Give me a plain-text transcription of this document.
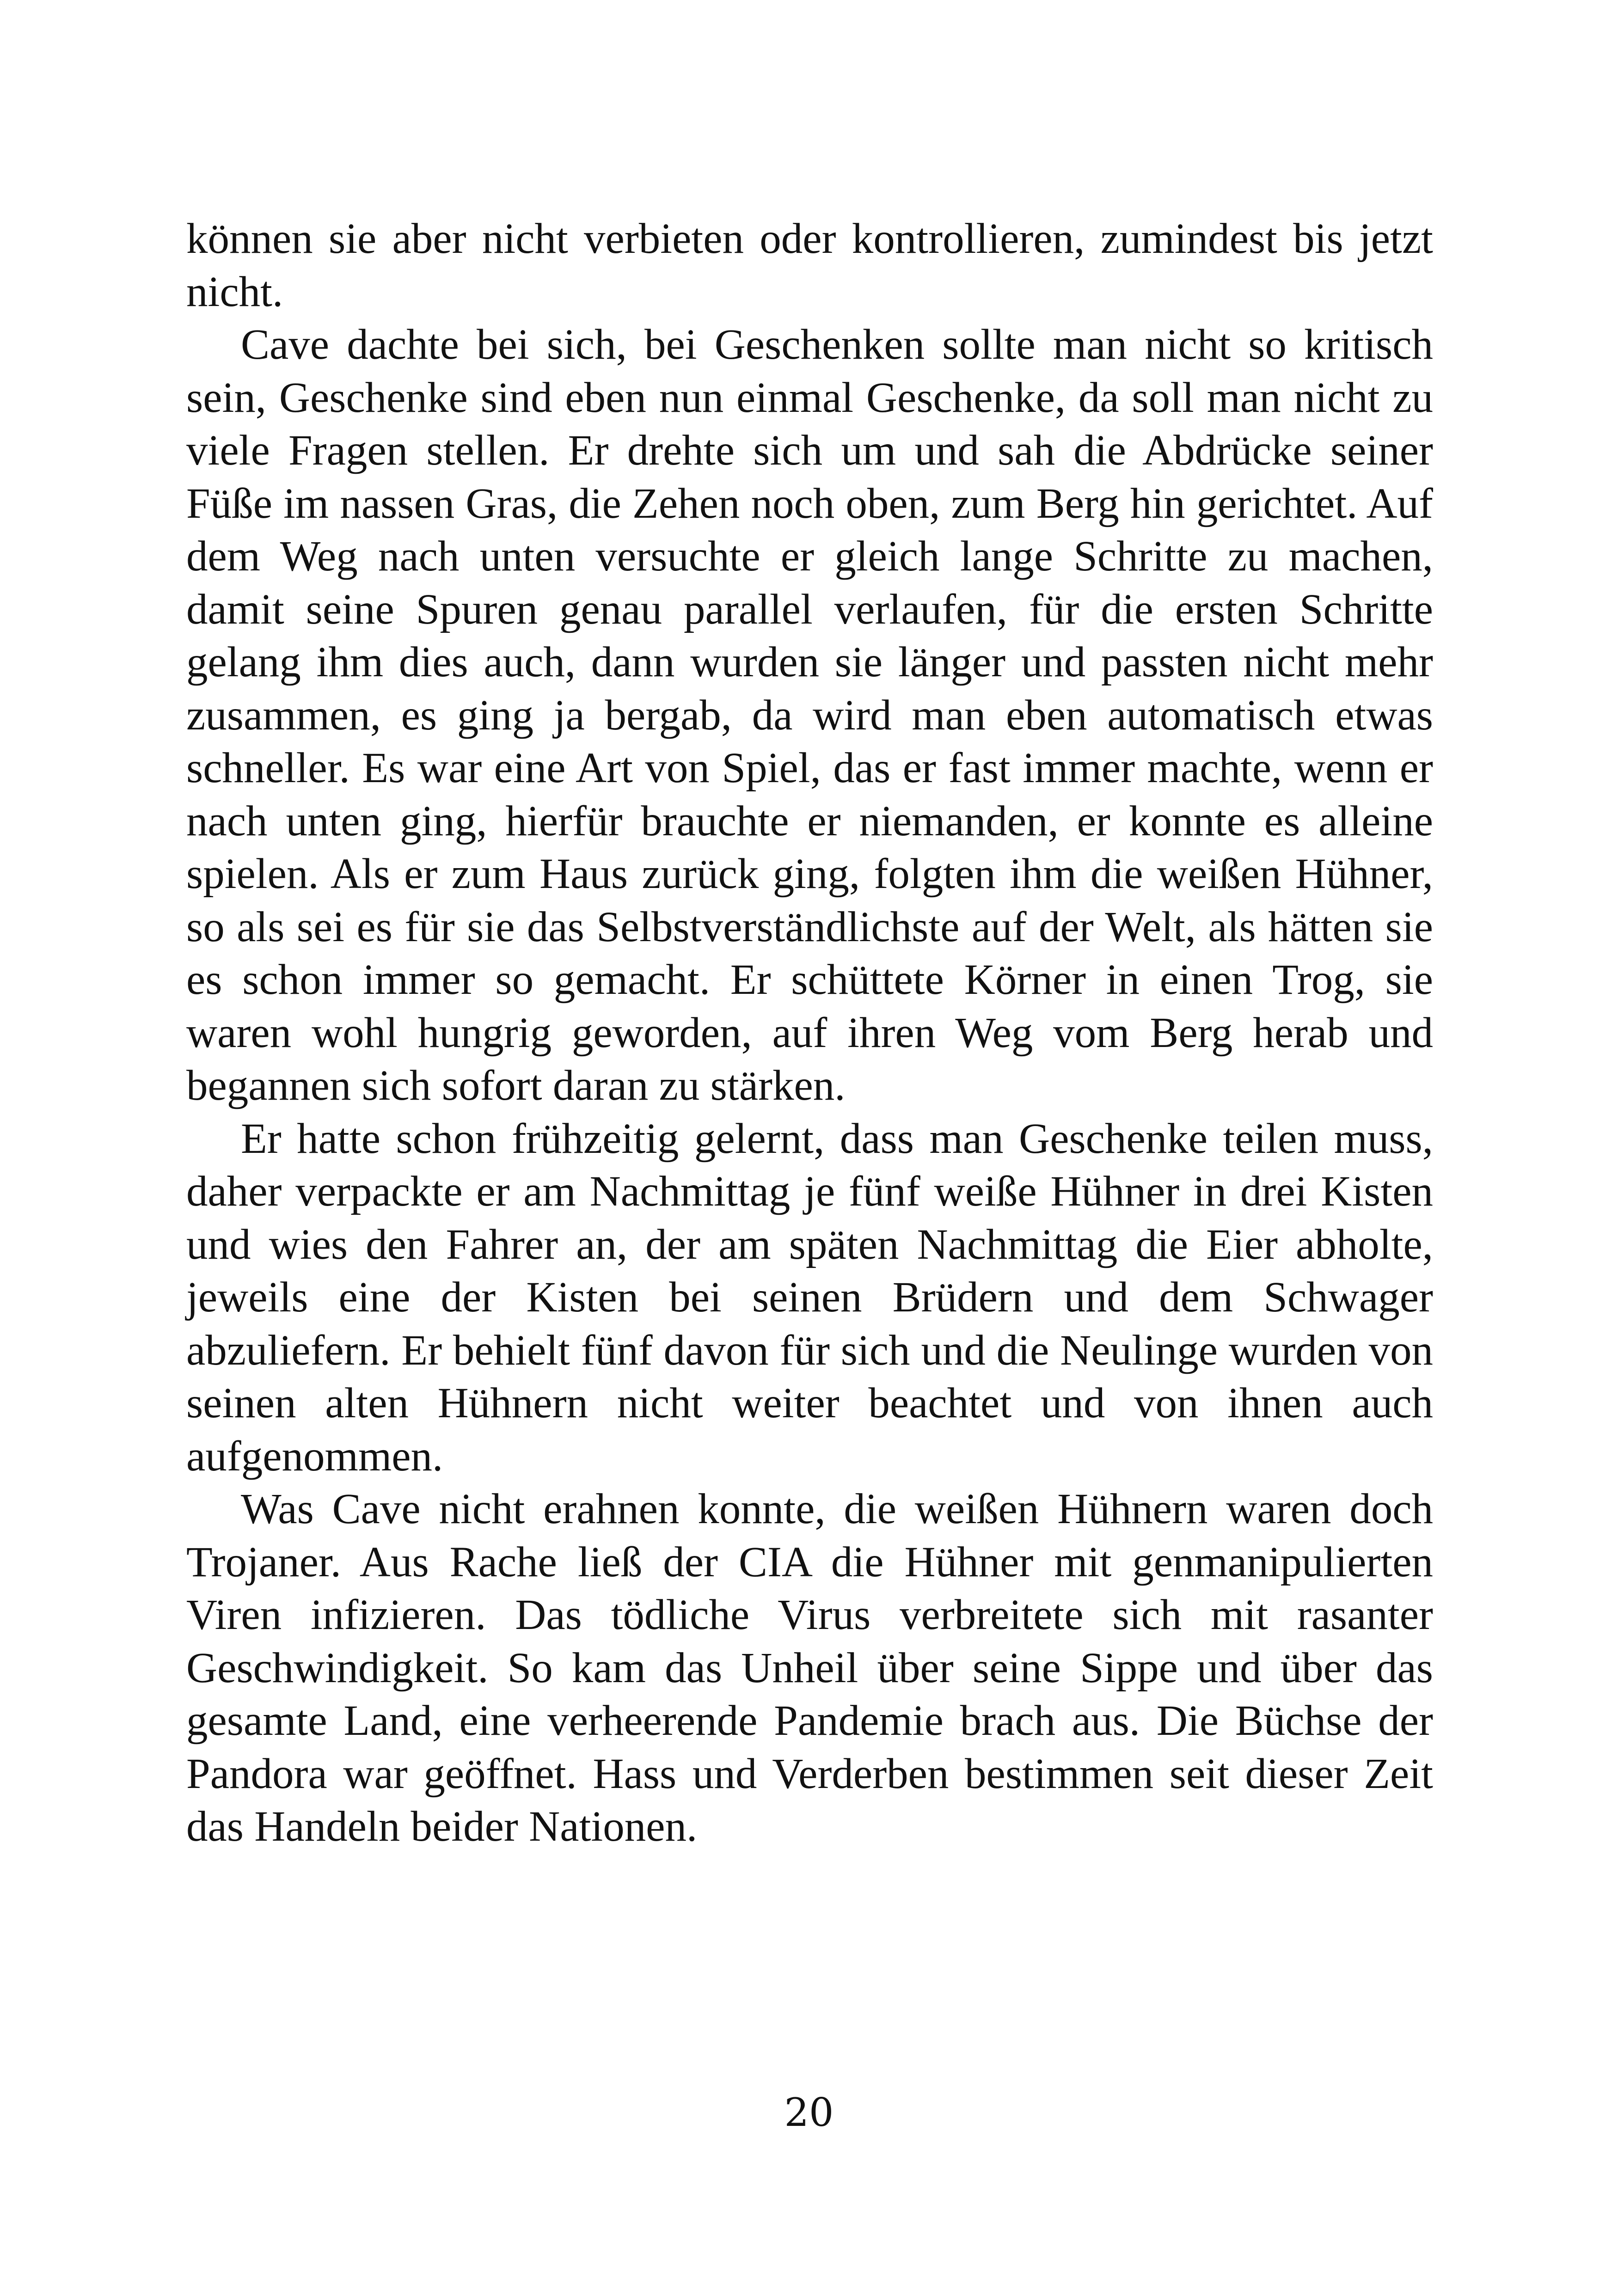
können sie aber nicht verbieten oder kontrollieren, zumindest bis jetzt nicht.

Cave dachte bei sich, bei Geschenken sollte man nicht so kritisch sein, Geschenke sind eben nun einmal Geschenke, da soll man nicht zu viele Fragen stellen. Er drehte sich um und sah die Abdrücke seiner Füße im nassen Gras, die Zehen noch oben, zum Berg hin gerichtet. Auf dem Weg nach unten versuchte er gleich lange Schritte zu machen, damit seine Spuren genau parallel verlaufen, für die ersten Schritte gelang ihm dies auch, dann wurden sie länger und passten nicht mehr zusammen, es ging ja bergab, da wird man eben automatisch etwas schneller. Es war eine Art von Spiel, das er fast immer machte, wenn er nach unten ging, hierfür brauchte er niemanden, er konnte es alleine spielen. Als er zum Haus zurück ging, folgten ihm die weißen Hühner, so als sei es für sie das Selbstverständlichste auf der Welt, als hätten sie es schon immer so gemacht. Er schüttete Körner in einen Trog, sie waren wohl hungrig geworden, auf ihren Weg vom Berg herab und begannen sich sofort daran zu stärken.

Er hatte schon frühzeitig gelernt, dass man Geschenke teilen muss, daher verpackte er am Nachmittag je fünf weiße Hühner in drei Kisten und wies den Fahrer an, der am späten Nachmittag die Eier abholte, jeweils eine der Kisten bei seinen Brüdern und dem Schwager abzuliefern. Er behielt fünf davon für sich und die Neulinge wurden von seinen alten Hühnern nicht weiter beachtet und von ihnen auch aufgenommen.

Was Cave nicht erahnen konnte, die weißen Hühnern waren doch Trojaner. Aus Rache ließ der CIA die Hühner mit genmanipulierten Viren infizieren. Das tödliche Virus verbreitete sich mit rasanter Geschwindigkeit. So kam das Unheil über seine Sippe und über das gesamte Land, eine verheerende Pandemie brach aus. Die Büchse der Pandora war geöffnet. Hass und Verderben bestimmen seit dieser Zeit das Handeln beider Nationen.

20
